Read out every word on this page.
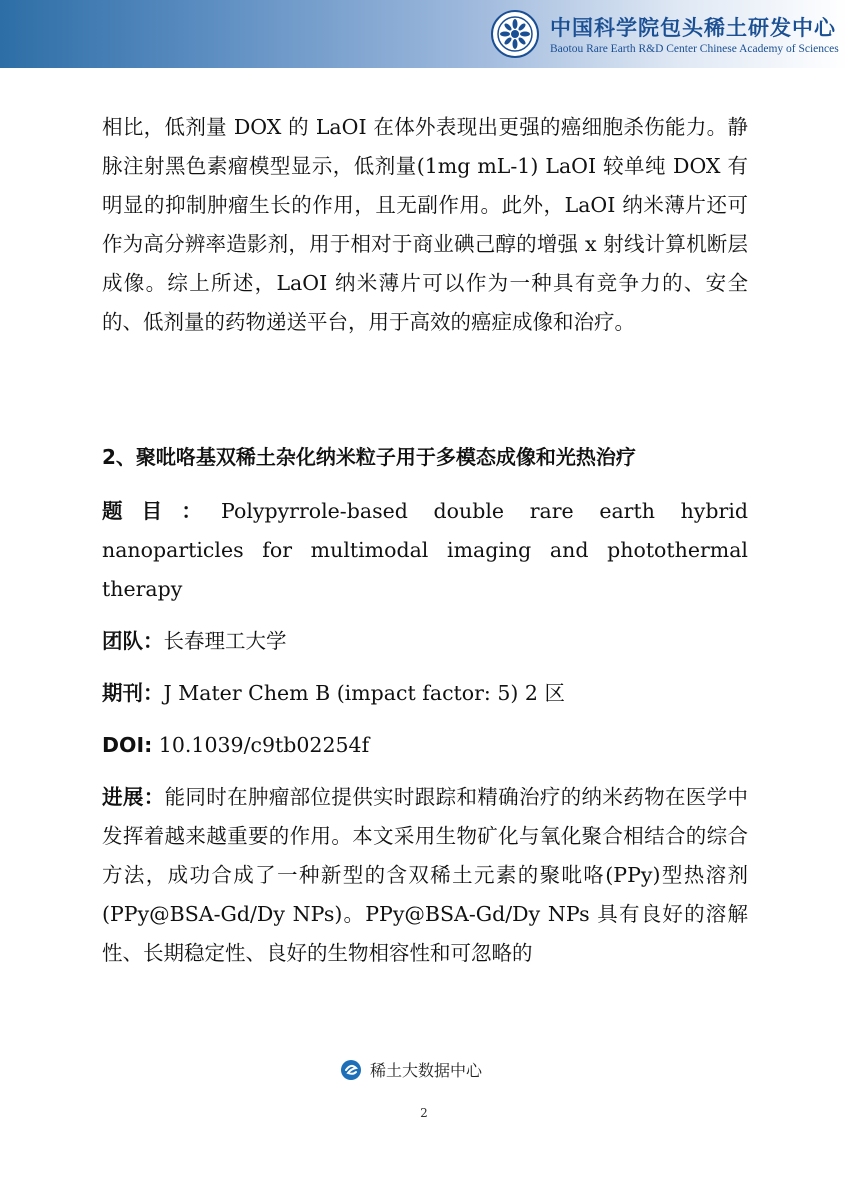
中国科学院包头稀土研发中心
Baotou Rare Earth R&D Center Chinese Academy of Sciences

相比，低剂量 DOX 的 LaOI 在体外表现出更强的癌细胞杀伤能力。静脉注射黑色素瘤模型显示，低剂量(1mg mL-1) LaOI 较单纯 DOX 有明显的抑制肿瘤生长的作用，且无副作用。此外，LaOI 纳米薄片还可作为高分辨率造影剂，用于相对于商业碘己醇的增强 x 射线计算机断层成像。综上所述，LaOI 纳米薄片可以作为一种具有竞争力的、安全的、低剂量的药物递送平台，用于高效的癌症成像和治疗。

2、聚吡咯基双稀土杂化纳米粒子用于多模态成像和光热治疗

题目：Polypyrrole-based double rare earth hybrid nanoparticles for multimodal imaging and photothermal therapy

团队：长春理工大学

期刊：J Mater Chem B (impact factor: 5) 2 区

DOI: 10.1039/c9tb02254f

进展：能同时在肿瘤部位提供实时跟踪和精确治疗的纳米药物在医学中发挥着越来越重要的作用。本文采用生物矿化与氧化聚合相结合的综合方法，成功合成了一种新型的含双稀土元素的聚吡咯(PPy)型热溶剂(PPy@BSA-Gd/Dy NPs)。PPy@BSA-Gd/Dy NPs 具有良好的溶解性、长期稳定性、良好的生物相容性和可忽略的

稀土大数据中心
2
